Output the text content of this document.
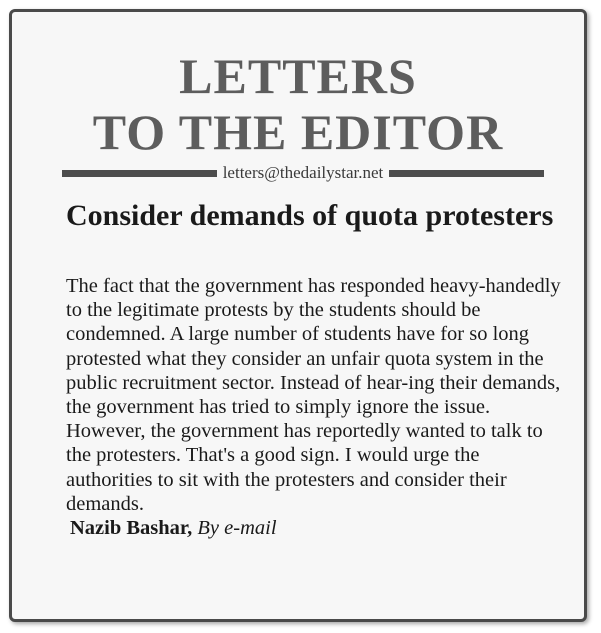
LETTERS
TO THE EDITOR
letters@thedailystar.net
Consider demands of quota protesters

The fact that the government has responded heavy-handedly to the legitimate protests by the students should be condemned. A large number of students have for so long protested what they consider an unfair quota system in the public recruitment sector. Instead of hear-ing their demands, the government has tried to simply ignore the issue.

However, the government has reportedly wanted to talk to the protesters. That's a good sign. I would urge the authorities to sit with the protesters and consider their demands.

Nazib Bashar, By e-mail
